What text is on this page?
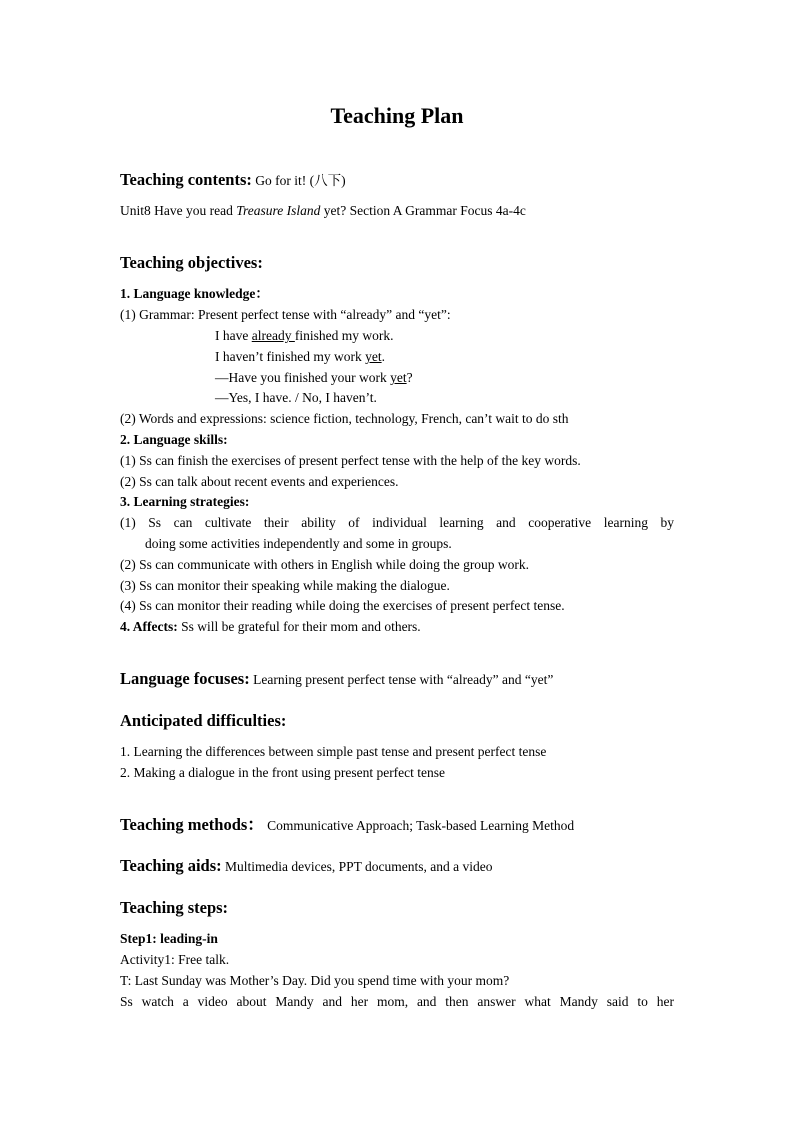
Teaching Plan
Teaching contents: Go for it! (八下)
Unit8 Have you read Treasure Island yet? Section A Grammar Focus 4a-4c
Teaching objectives:
1. Language knowledge：
(1) Grammar: Present perfect tense with “already” and “yet”:
I have already finished my work.
I haven’t finished my work yet.
—Have you finished your work yet?
—Yes, I have. / No, I haven’t.
(2) Words and expressions: science fiction, technology, French, can’t wait to do sth
2. Language skills:
(1) Ss can finish the exercises of present perfect tense with the help of the key words.
(2) Ss can talk about recent events and experiences.
3. Learning strategies:
(1) Ss can cultivate their ability of individual learning and cooperative learning by
doing some activities independently and some in groups.
(2) Ss can communicate with others in English while doing the group work.
(3) Ss can monitor their speaking while making the dialogue.
(4) Ss can monitor their reading while doing the exercises of present perfect tense.
4. Affects: Ss will be grateful for their mom and others.
Language focuses: Learning present perfect tense with “already” and “yet”
Anticipated difficulties:
1. Learning the differences between simple past tense and present perfect tense
2. Making a dialogue in the front using present perfect tense
Teaching methods： Communicative Approach; Task-based Learning Method
Teaching aids: Multimedia devices, PPT documents, and a video
Teaching steps:
Step1: leading-in
Activity1: Free talk.
T: Last Sunday was Mother’s Day. Did you spend time with your mom?
Ss watch a video about Mandy and her mom, and then answer what Mandy said to her
